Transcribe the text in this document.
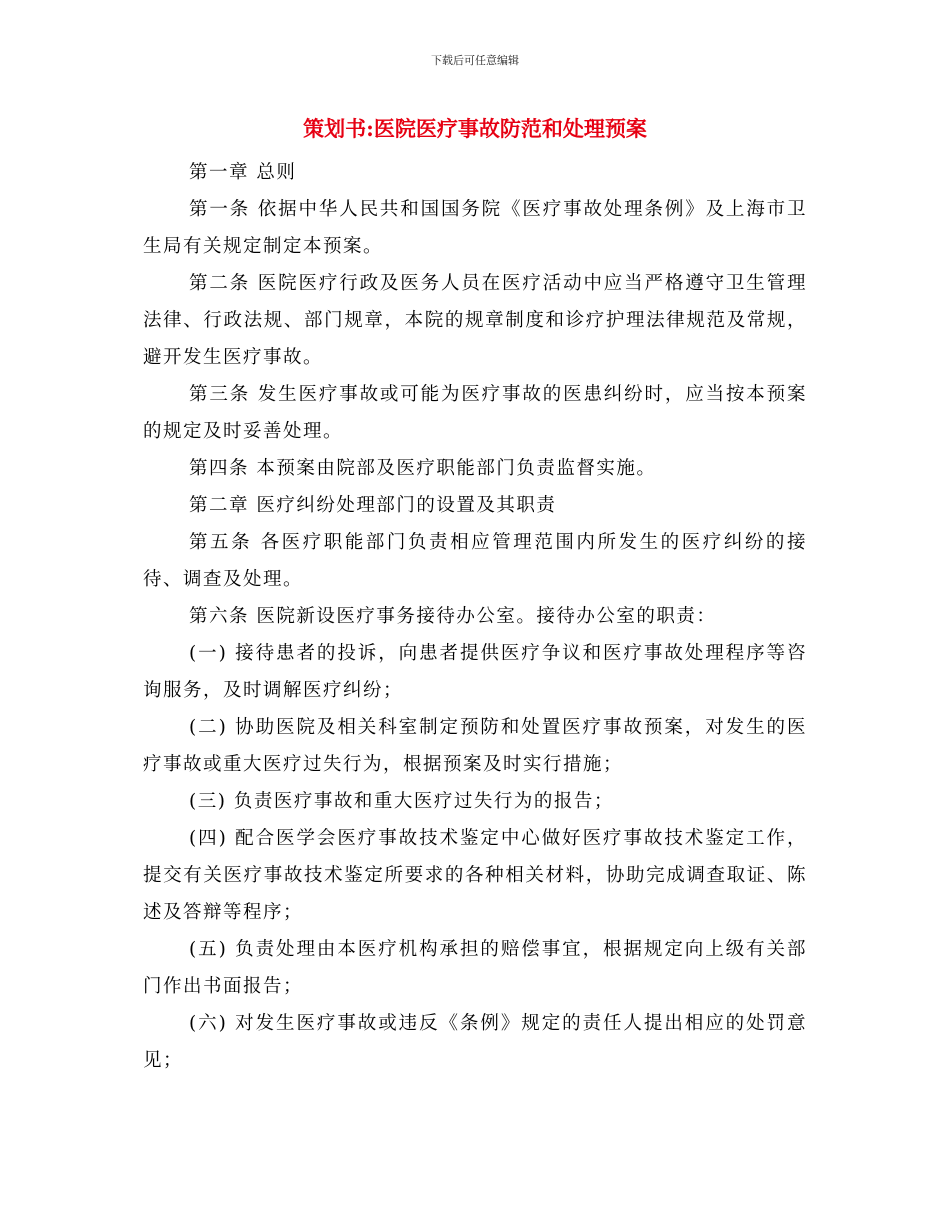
下载后可任意编辑
策划书:医院医疗事故防范和处理预案

第一章 总则

第一条 依据中华人民共和国国务院《医疗事故处理条例》及上海市卫生局有关规定制定本预案。

第二条 医院医疗行政及医务人员在医疗活动中应当严格遵守卫生管理法律、行政法规、部门规章，本院的规章制度和诊疗护理法律规范及常规，避开发生医疗事故。

第三条 发生医疗事故或可能为医疗事故的医患纠纷时，应当按本预案的规定及时妥善处理。

第四条 本预案由院部及医疗职能部门负责监督实施。

第二章 医疗纠纷处理部门的设置及其职责

第五条 各医疗职能部门负责相应管理范围内所发生的医疗纠纷的接待、调查及处理。

第六条 医院新设医疗事务接待办公室。接待办公室的职责：

(一) 接待患者的投诉，向患者提供医疗争议和医疗事故处理程序等咨询服务，及时调解医疗纠纷；

(二) 协助医院及相关科室制定预防和处置医疗事故预案，对发生的医疗事故或重大医疗过失行为，根据预案及时实行措施；

(三) 负责医疗事故和重大医疗过失行为的报告；

(四) 配合医学会医疗事故技术鉴定中心做好医疗事故技术鉴定工作，提交有关医疗事故技术鉴定所要求的各种相关材料，协助完成调查取证、陈述及答辩等程序；

(五) 负责处理由本医疗机构承担的赔偿事宜，根据规定向上级有关部门作出书面报告；

(六) 对发生医疗事故或违反《条例》规定的责任人提出相应的处罚意见；
